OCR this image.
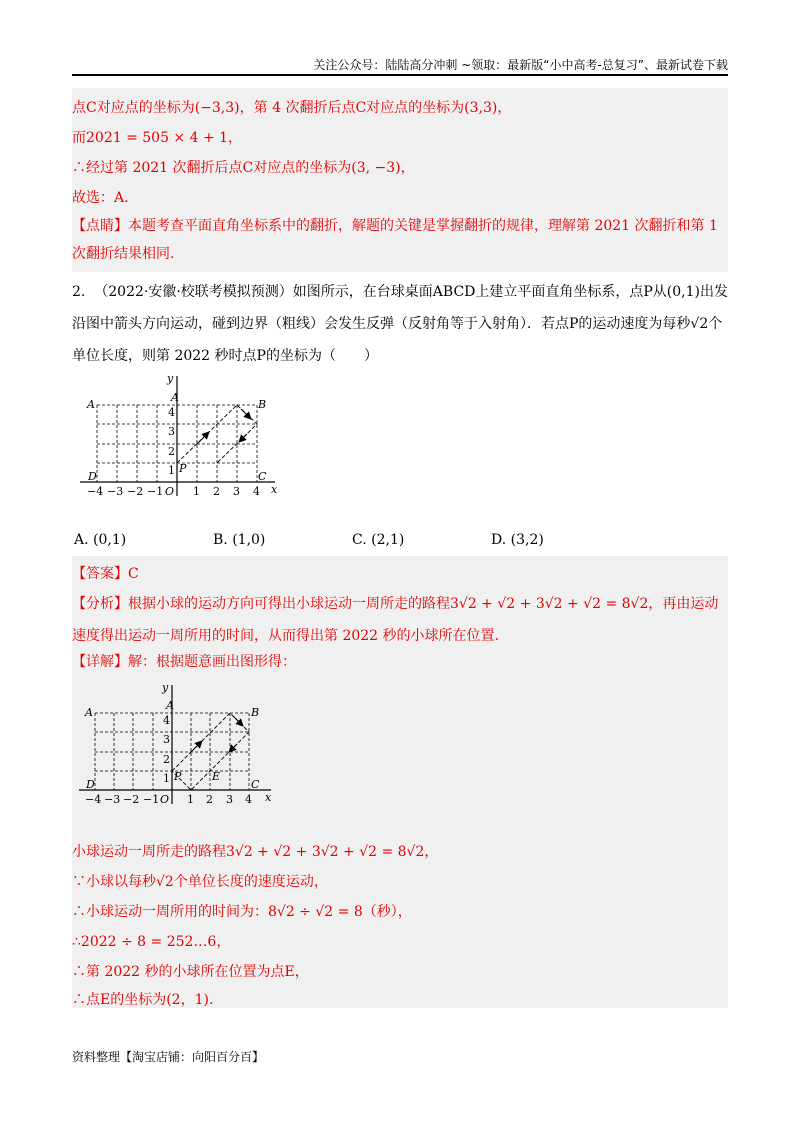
关注公众号：陆陆高分冲刺 ~领取：最新版“小中高考-总复习”、最新试卷下载
点C对应点的坐标为(−3,3)，第 4 次翻折后点C对应点的坐标为(3,3)，
而2021 = 505 × 4 + 1，
∴经过第 2021 次翻折后点C对应点的坐标为(3, −3)，
故选：A.
【点睛】本题考查平面直角坐标系中的翻折，解题的关键是掌握翻折的规律，理解第 2021 次翻折和第 1 次翻折结果相同.
2. （2022·安徽·校联考模拟预测）如图所示，在台球桌面ABCD上建立平面直角坐标系，点P从(0,1)出发沿图中箭头方向运动，碰到边界（粗线）会发生反弹（反射角等于入射角）．若点P的运动速度为每秒√2个单位长度，则第 2022 秒时点P的坐标为（　　）
y
x
A
A
B
C
D
P
4
3
2
1
−4 −3 −2 −1 O 1 2 3 4
A. (0,1)	B. (1,0)	C. (2,1)	D. (3,2)
【答案】C
【分析】根据小球的运动方向可得出小球运动一周所走的路程3√2 + √2 + 3√2 + √2 = 8√2，再由运动速度得出运动一周所用的时间，从而得出第 2022 秒的小球所在位置.
【详解】解：根据题意画出图形得：
y
x
A
A
B
C
D
P	E
4
3
2
1
−4 −3 −2 −1 O 1 2 3 4
小球运动一周所走的路程3√2 + √2 + 3√2 + √2 = 8√2，
∵小球以每秒√2个单位长度的速度运动，
∴小球运动一周所用的时间为：8√2 ÷ √2 = 8（秒），
∴2022 ÷ 8 = 252…6，
∴第 2022 秒的小球所在位置为点E，
∴点E的坐标为(2，1).
资料整理【淘宝店铺：向阳百分百】
